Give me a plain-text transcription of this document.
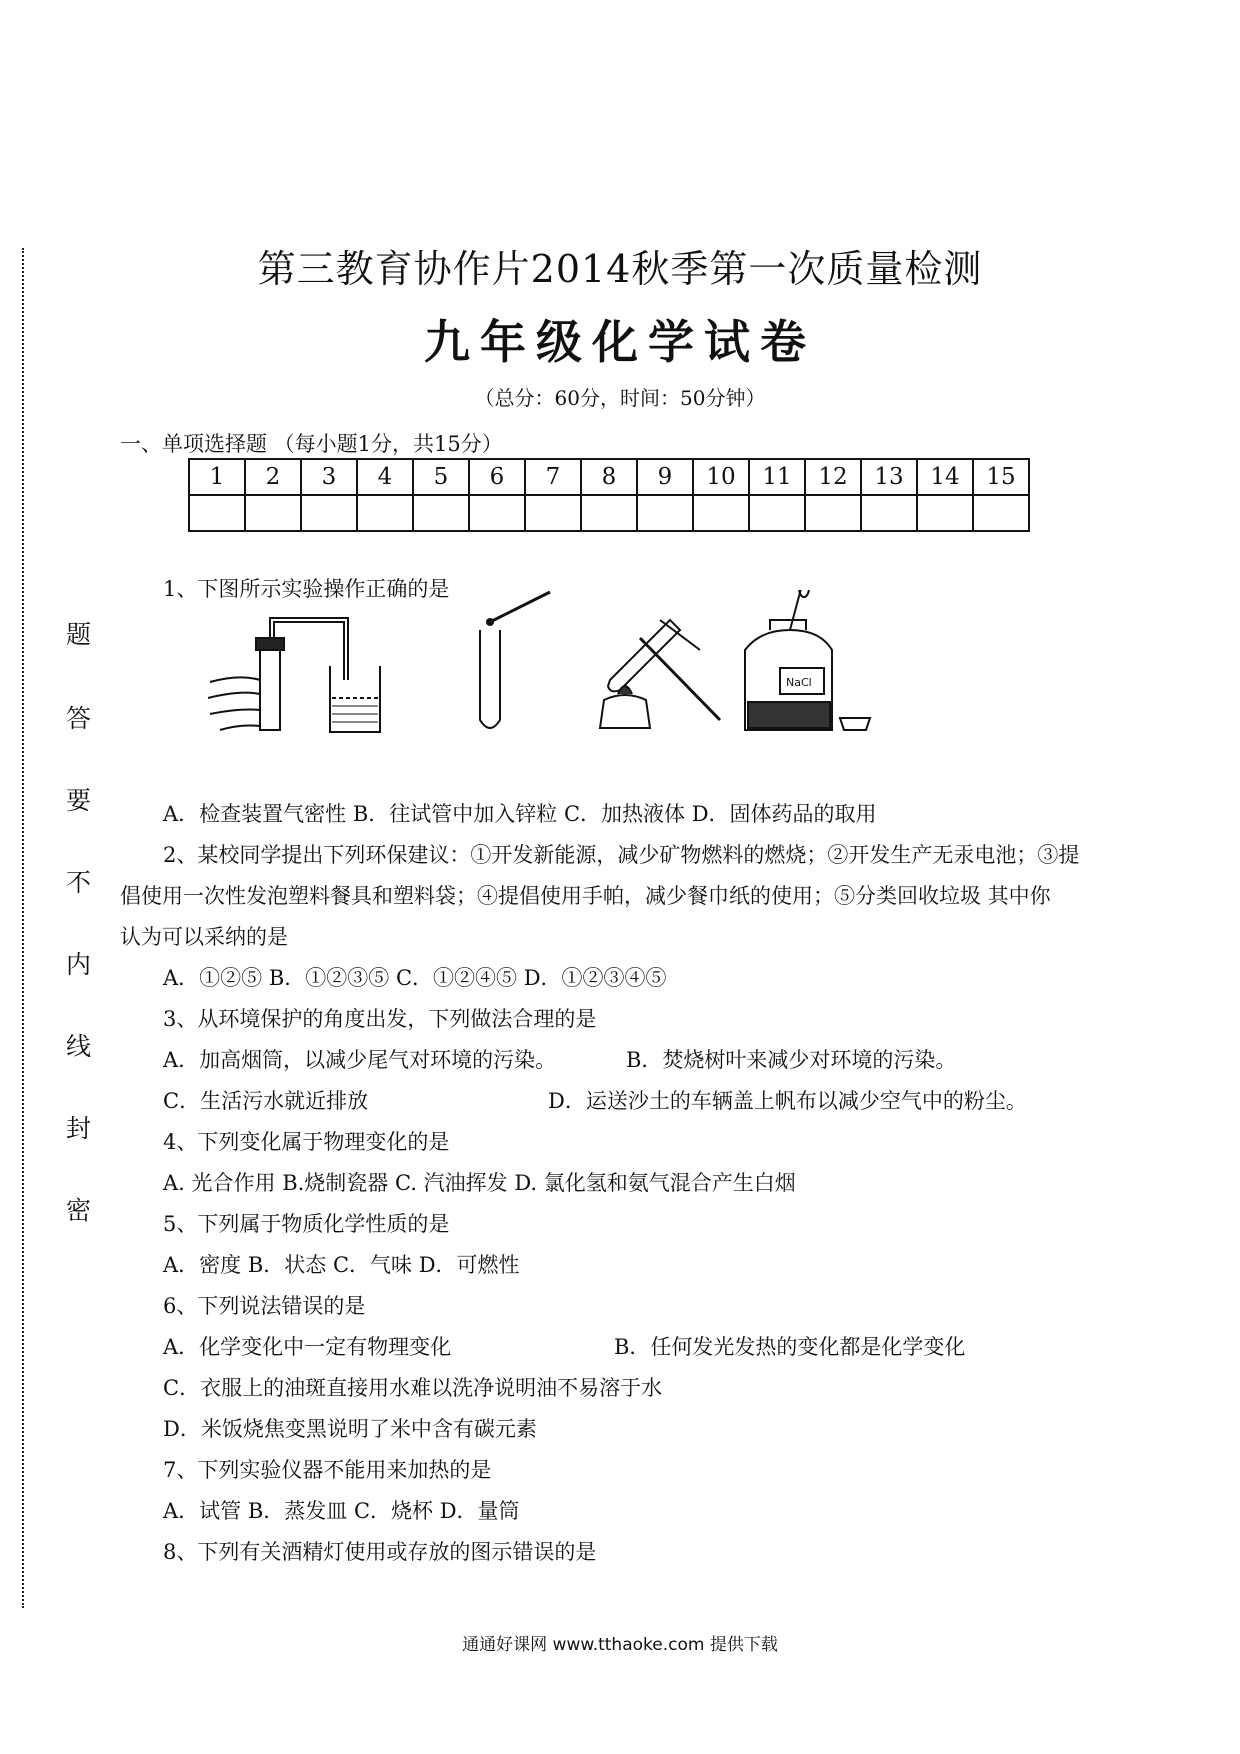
题
答
要
不
内
线
封
密
第三教育协作片2014秋季第一次质量检测
九年级化学试卷
（总分：60分，时间：50分钟）
一、单项选择题 （每小题1分，共15分）
1	2	3	4	5	6	7	8	9	10	11	12	13	14	15

1、下图所示实验操作正确的是
NaCl
A．检查装置气密性 B．往试管中加入锌粒 C．加热液体 D．固体药品的取用
2、某校同学提出下列环保建议：①开发新能源，减少矿物燃料的燃烧；②开发生产无汞电池；③提
倡使用一次性发泡塑料餐具和塑料袋；④提倡使用手帕，减少餐巾纸的使用；⑤分类回收垃圾 其中你
认为可以采纳的是
A．①②⑤ B．①②③⑤ C．①②④⑤ D．①②③④⑤
3、从环境保护的角度出发，下列做法合理的是
A．加高烟筒，以减少尾气对环境的污染。	B．焚烧树叶来减少对环境的污染。
C．生活污水就近排放	D．运送沙土的车辆盖上帆布以减少空气中的粉尘。
4、下列变化属于物理变化的是
A. 光合作用 B.烧制瓷器 C. 汽油挥发 D. 氯化氢和氨气混合产生白烟
5、下列属于物质化学性质的是
A．密度 B．状态 C．气味 D．可燃性
6、下列说法错误的是
A．化学变化中一定有物理变化	B．任何发光发热的变化都是化学变化
C．衣服上的油斑直接用水难以洗净说明油不易溶于水
D．米饭烧焦变黑说明了米中含有碳元素
7、下列实验仪器不能用来加热的是
A．试管 B．蒸发皿 C．烧杯 D．量筒
8、下列有关酒精灯使用或存放的图示错误的是
通通好课网 www.tthaoke.com 提供下载
